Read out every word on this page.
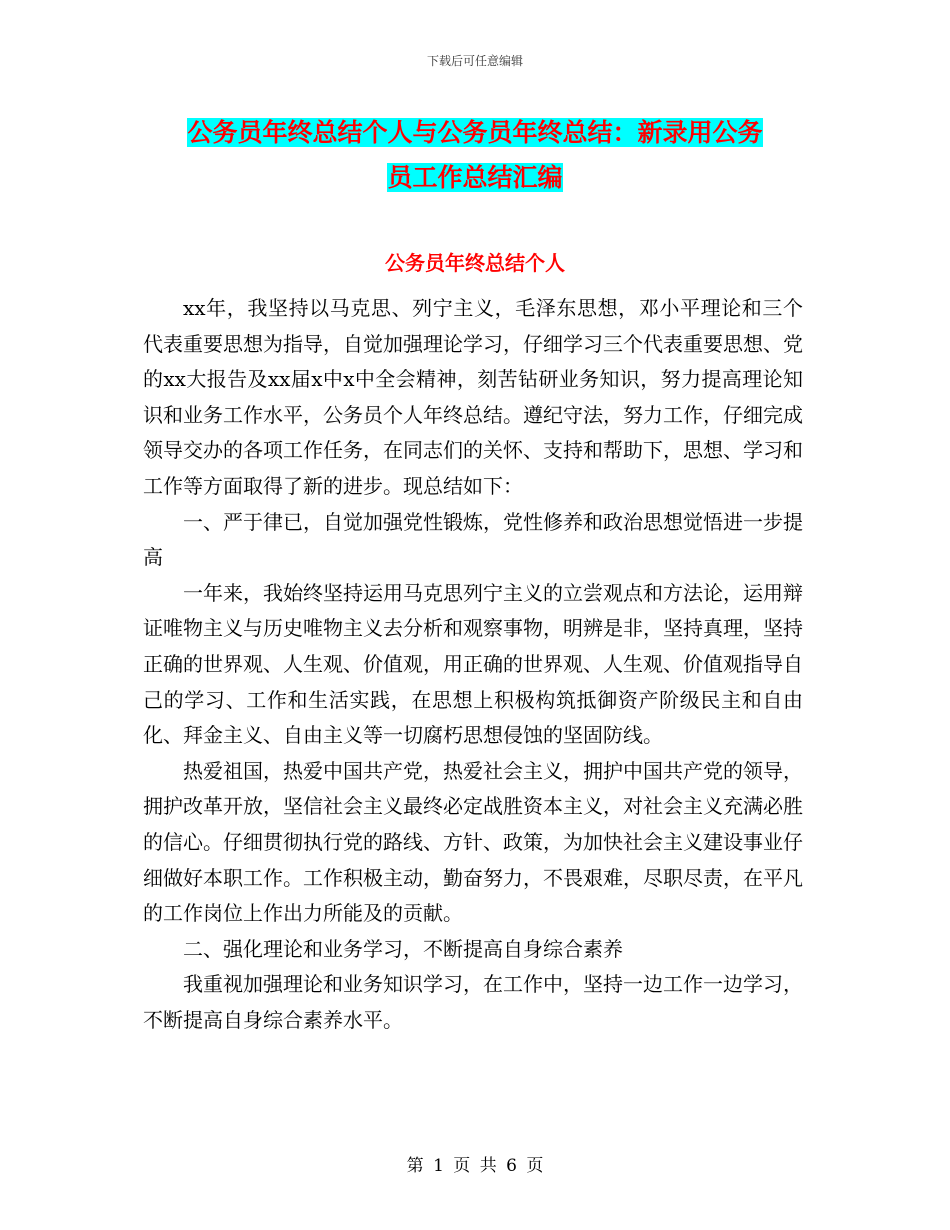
下载后可任意编辑
公务员年终总结个人与公务员年终总结：新录用公务
员工作总结汇编
公务员年终总结个人

xx年，我坚持以马克思、列宁主义，毛泽东思想，邓小平理论和三个代表重要思想为指导，自觉加强理论学习，仔细学习三个代表重要思想、党的xx大报告及xx届x中x中全会精神，刻苦钻研业务知识，努力提高理论知识和业务工作水平，公务员个人年终总结。遵纪守法，努力工作，仔细完成领导交办的各项工作任务，在同志们的关怀、支持和帮助下，思想、学习和工作等方面取得了新的进步。现总结如下：

一、严于律已，自觉加强党性锻炼，党性修养和政治思想觉悟进一步提高

一年来，我始终坚持运用马克思列宁主义的立尝观点和方法论，运用辩证唯物主义与历史唯物主义去分析和观察事物，明辨是非，坚持真理，坚持正确的世界观、人生观、价值观，用正确的世界观、人生观、价值观指导自己的学习、工作和生活实践，在思想上积极构筑抵御资产阶级民主和自由化、拜金主义、自由主义等一切腐朽思想侵蚀的坚固防线。

热爱祖国，热爱中国共产党，热爱社会主义，拥护中国共产党的领导，拥护改革开放，坚信社会主义最终必定战胜资本主义，对社会主义充满必胜的信心。仔细贯彻执行党的路线、方针、政策，为加快社会主义建设事业仔细做好本职工作。工作积极主动，勤奋努力，不畏艰难，尽职尽责，在平凡的工作岗位上作出力所能及的贡献。

二、强化理论和业务学习，不断提高自身综合素养

我重视加强理论和业务知识学习，在工作中，坚持一边工作一边学习，不断提高自身综合素养水平。

第 1 页 共 6 页
